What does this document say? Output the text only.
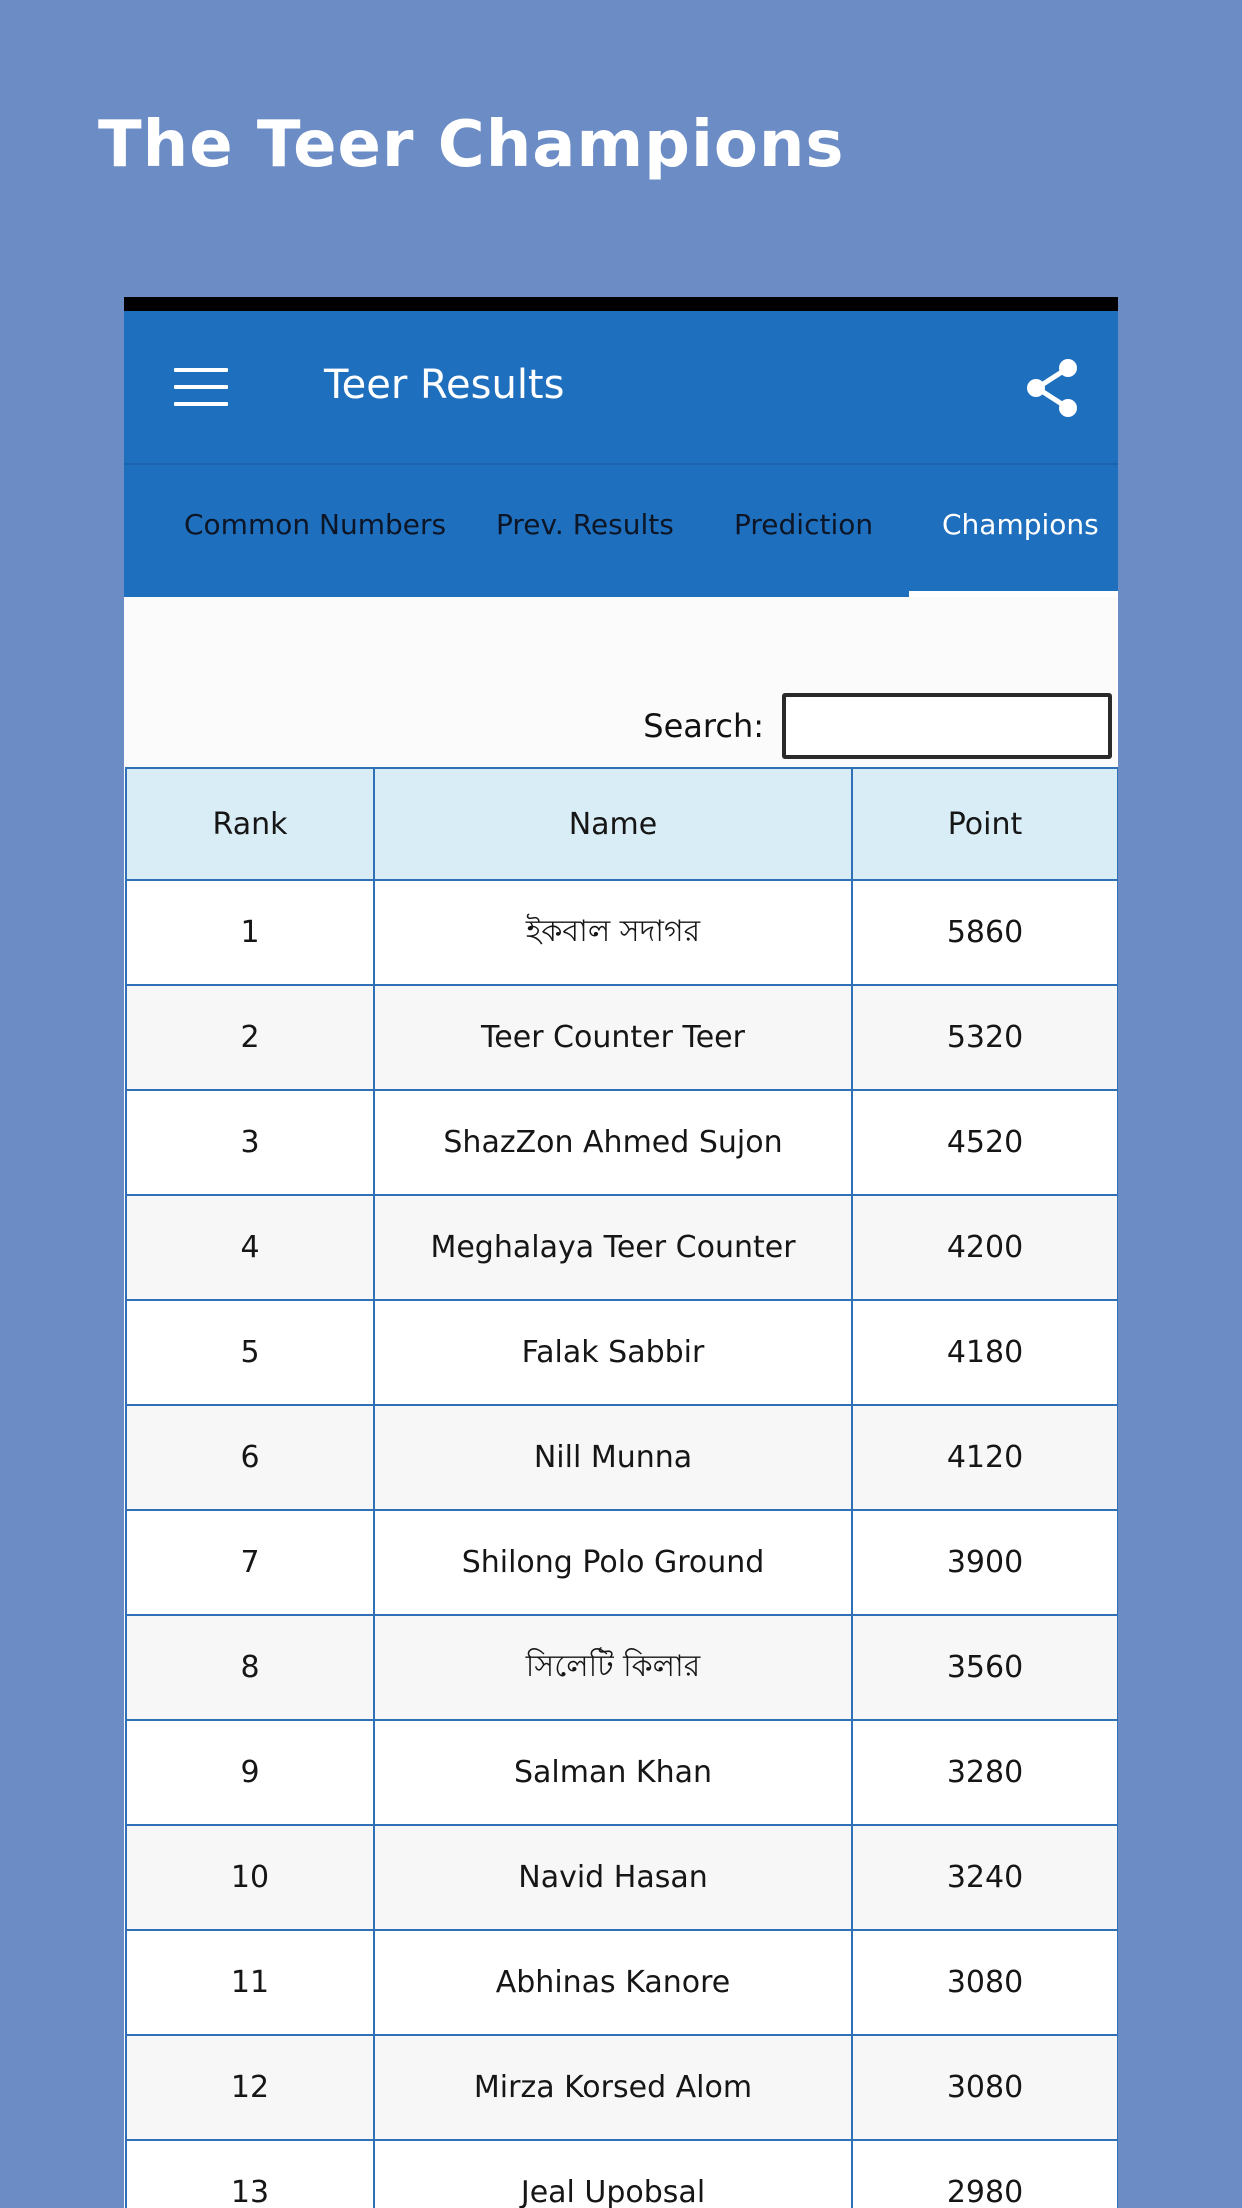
The Teer Champions
Teer Results
Common Numbers Prev. Results Prediction Champions
Search:
Rank	Name	Point
1	ইকবাল সদাগর	5860
2	Teer Counter Teer	5320
3	ShazZon Ahmed Sujon	4520
4	Meghalaya Teer Counter	4200
5	Falak Sabbir	4180
6	Nill Munna	4120
7	Shilong Polo Ground	3900
8	সিলেটি কিলার	3560
9	Salman Khan	3280
10	Navid Hasan	3240
11	Abhinas Kanore	3080
12	Mirza Korsed Alom	3080
13	Jeal Upobsal	2980
